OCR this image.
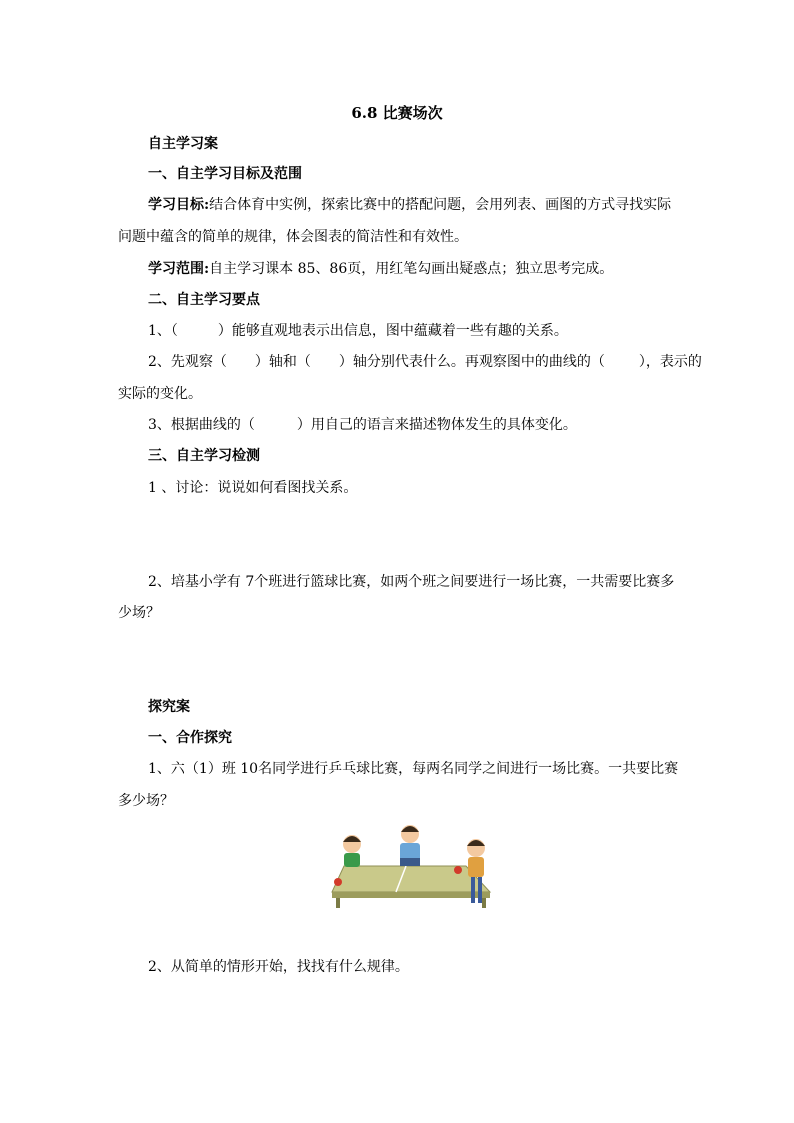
6.8 比赛场次
自主学习案
一、自主学习目标及范围
学习目标:结合体育中实例，探索比赛中的搭配问题，会用列表、画图的方式寻找实际
问题中蕴含的简单的规律，体会图表的简洁性和有效性。
学习范围:自主学习课本 85、86页，用红笔勾画出疑惑点；独立思考完成。
二、自主学习要点
1、（	）能够直观地表示出信息，图中蕴藏着一些有趣的关系。
2、先观察（ ）轴和（ ）轴分别代表什么。再观察图中的曲线的（ ），表示的
实际的变化。
3、根据曲线的（	）用自己的语言来描述物体发生的具体变化。
三、自主学习检测
1 、讨论：说说如何看图找关系。
2、培基小学有 7个班进行篮球比赛，如两个班之间要进行一场比赛，一共需要比赛多
少场？
探究案
一、合作探究
1、六（1）班 10名同学进行乒乓球比赛，每两名同学之间进行一场比赛。一共要比赛
多少场？
2、从简单的情形开始，找找有什么规律。
